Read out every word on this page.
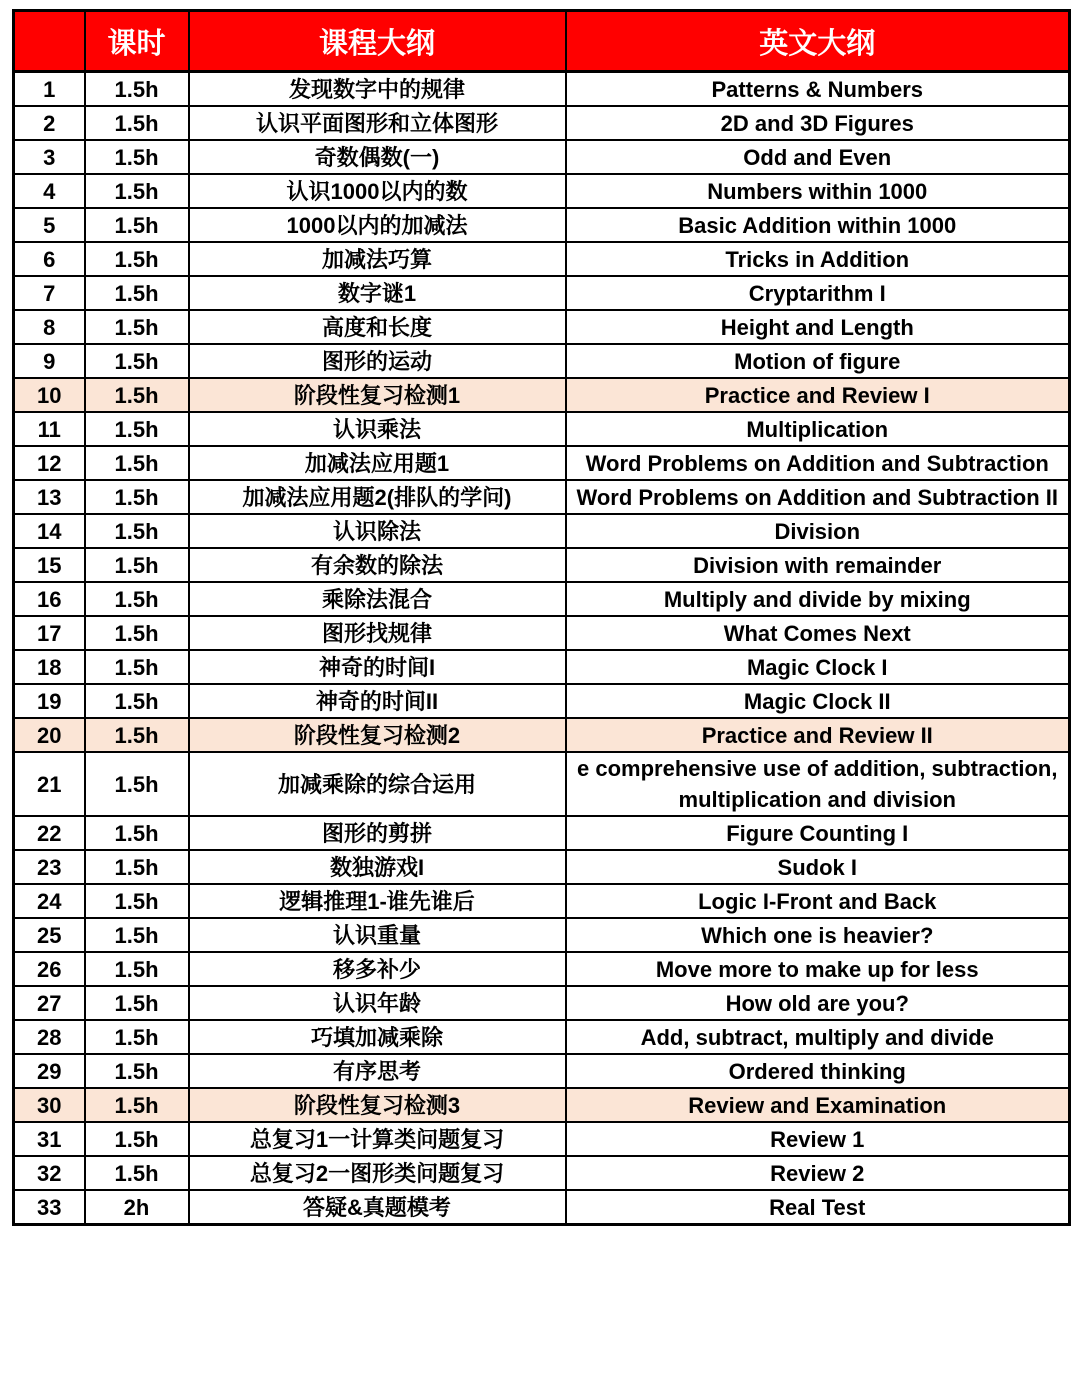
	课时	课程大纲	英文大纲
1	1.5h	发现数字中的规律	Patterns & Numbers
2	1.5h	认识平面图形和立体图形	2D and 3D Figures
3	1.5h	奇数偶数(一)	Odd and Even
4	1.5h	认识1000以内的数	Numbers within 1000
5	1.5h	1000以内的加减法	Basic Addition within 1000
6	1.5h	加减法巧算	Tricks in Addition
7	1.5h	数字谜1	Cryptarithm I
8	1.5h	高度和长度	Height and Length
9	1.5h	图形的运动	Motion of figure
10	1.5h	阶段性复习检测1	Practice and Review I
11	1.5h	认识乘法	Multiplication
12	1.5h	加减法应用题1	Word Problems on Addition and Subtraction
13	1.5h	加减法应用题2(排队的学问)	Word Problems on Addition and Subtraction II
14	1.5h	认识除法	Division
15	1.5h	有余数的除法	Division with remainder
16	1.5h	乘除法混合	Multiply and divide by mixing
17	1.5h	图形找规律	What Comes Next
18	1.5h	神奇的时间I	Magic Clock I
19	1.5h	神奇的时间II	Magic Clock II
20	1.5h	阶段性复习检测2	Practice and Review II
21	1.5h	加减乘除的综合运用	e comprehensive use of addition, subtraction, multiplication and division
22	1.5h	图形的剪拼	Figure Counting I
23	1.5h	数独游戏I	Sudok I
24	1.5h	逻辑推理1-谁先谁后	Logic I-Front and Back
25	1.5h	认识重量	Which one is heavier?
26	1.5h	移多补少	Move more to make up for less
27	1.5h	认识年龄	How old are you?
28	1.5h	巧填加减乘除	Add, subtract, multiply and divide
29	1.5h	有序思考	Ordered thinking
30	1.5h	阶段性复习检测3	Review and Examination
31	1.5h	总复习1一计算类问题复习	Review 1
32	1.5h	总复习2一图形类问题复习	Review 2
33	2h	答疑&真题模考	Real Test
